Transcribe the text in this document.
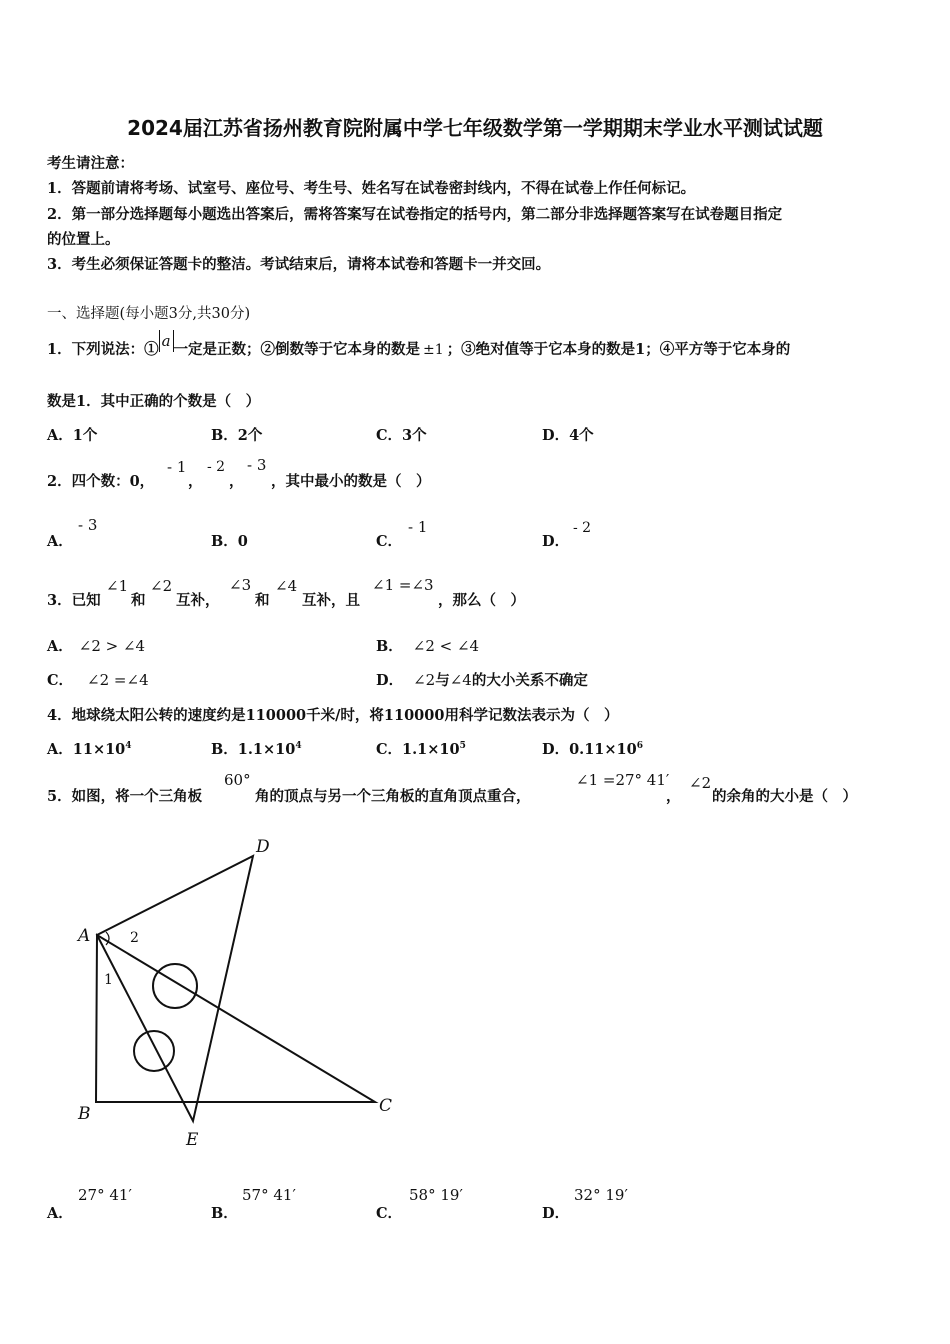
2024届江苏省扬州教育院附属中学七年级数学第一学期期末学业水平测试试题
考生请注意：
1．答题前请将考场、试室号、座位号、考生号、姓名写在试卷密封线内，不得在试卷上作任何标记。
2．第一部分选择题每小题选出答案后，需将答案写在试卷指定的括号内，第二部分非选择题答案写在试卷题目指定
的位置上。
3．考生必须保证答题卡的整洁。考试结束后，请将本试卷和答题卡一并交回。
一、选择题(每小题3分,共30分)
1．下列说法：① a 一定是正数；②倒数等于它本身的数是 ±1 ；③绝对值等于它本身的数是1；④平方等于它本身的
数是1．其中正确的个数是（　）
A．1个	B．2个	C．3个	D．4个
2．四个数：0，
- 1
，
- 2
，
- 3
，其中最小的数是（　）
A．
- 3
B．0	C．
- 1
D．
- 2
3．已知
∠1
和
∠2
互补，
∠3
和
∠4
互补，且
∠1 =∠3
，那么（　）
A． ∠2 > ∠4	B． ∠2 < ∠4
C． ∠2 =∠4	D． ∠2与∠4的大小关系不确定
4．地球绕太阳公转的速度约是110000千米/时，将110000用科学记数法表示为（　）
A．$11\times 10^4$	B．$1.1\times 10^4$	C．$1.1\times 10^5$	D．$0.11\times 10^6$
5．如图，将一个三角板
60°
角的顶点与另一个三角板的直角顶点重合，
∠1 =27° 41′
，
∠2
的余角的大小是（　）
A
B	C
D
E
2
1
A．
27° 41′
B．
57° 41′
C．
58° 19′
D．
32° 19′
